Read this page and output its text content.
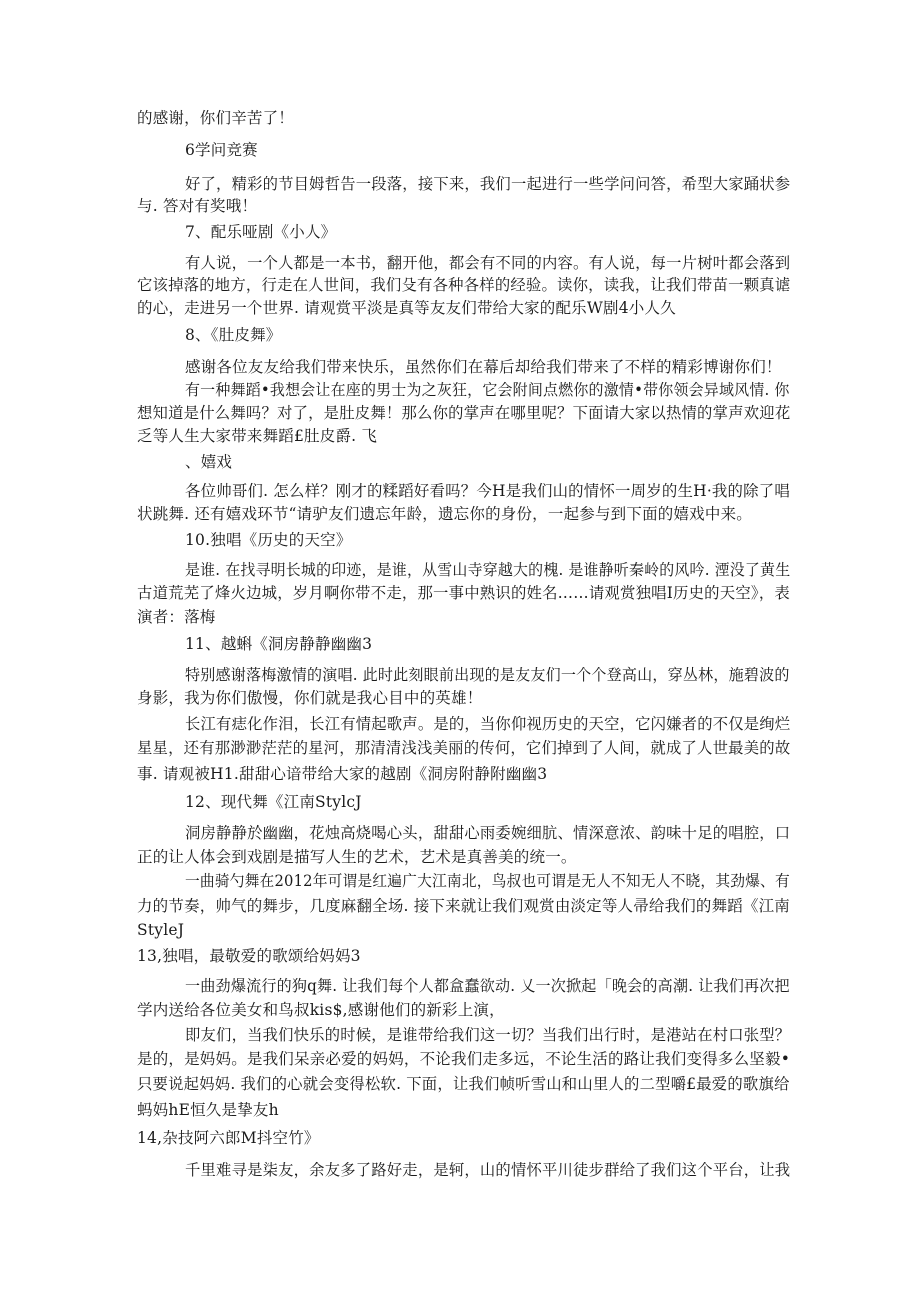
的感谢，你们辛苦了！
6学问竞赛
好了，精彩的节目姆哲告一段落，接下来，我们一起进行一些学问问答，希型大家踊状参
与. 答对有奖哦！
7、配乐哑剧《小人》
有人说，一个人都是一本书，翻开他，都会有不同的内容。有人说，每一片树叶都会落到
它该掉落的地方，行走在人世间，我们殳有各种各样的经验。读你，读我，让我们带苗一颗真谑
的心，走进另一个世界. 请观赏平淡是真等友友们带给大家的配乐W剧4小人久
8、《肚皮舞》
感谢各位友友给我们带来快乐，虽然你们在幕后却给我们带来了不样的精彩博谢你们！
有一种舞蹈•我想会让在座的男士为之灰狂，它会附间点燃你的激情•带你领会异域风情. 你
想知道是什么舞吗？对了，是肚皮舞！那么你的掌声在哪里呢？下面请大家以热情的掌声欢迎花
乏等人生大家带来舞蹈£肚皮爵. 飞
、嬉戏
各位帅哥们. 怎么样？刚才的糅蹈好看吗？今H是我们山的情怀一周岁的生H·我的除了唱
状跳舞. 还有嬉戏环节“请驴友们遗忘年龄，遗忘你的身份，一起参与到下面的嬉戏中来。
10.独唱《历史的天空》
是谁. 在找寻明长城的印迹，是谁，从雪山寺穿越大的槐. 是谁静听秦岭的风吟. 湮没了黄生
古道荒芜了烽火边城，岁月啊你带不走，那一事中熟识的姓名……请观赏独唱I历史的天空》，表
演者：落梅
11、越蝌《洞房静静幽幽3
特别感谢落梅激情的演唱. 此时此刻眼前出现的是友友们一个个登高山，穿丛林，施碧波的
身影，我为你们傲慢，你们就是我心目中的英雄！
长江有痣化作泪，长江有情起歌声。是的，当你仰视历史的天空，它闪嫌者的不仅是绚烂
星星，还有那渺渺茫茫的星河，那清清浅浅美丽的传何，它们掉到了人间，就成了人世最美的故
事. 请观被H1.甜甜心谙带给大家的越剧《洞房附静附幽幽3
12、现代舞《江南StylcJ
洞房静静於幽幽，花烛高烧喝心头，甜甜心雨委婉细肮、情深意浓、韵味十足的唱腔，口
正的让人体会到戏剧是描写人生的艺术，艺术是真善美的统一。
一曲骑勺舞在2012年可谓是红遍广大江南北，鸟叔也可谓是无人不知无人不晓，其劲爆、有
力的节奏，帅气的舞步，几度麻翻全场. 接下来就让我们观赏由淡定等人帚给我们的舞蹈《江南
StyleJ
13,独唱，最敬爱的歌颂给妈妈3
一曲劲爆流行的狗q舞. 让我们每个人都盒蠢欲动. 乂一次掀起「晚会的高潮. 让我们再次把
学内送给各位美女和鸟叔kis$,感谢他们的新彩上演，
即友们，当我们快乐的时候，是谁带给我们这一切？当我们出行时，是港站在村口张型？
是的，是妈妈。是我们呆亲必爱的妈妈，不论我们走多远，不论生活的路让我们变得多么坚毅•
只要说起妈妈. 我们的心就会变得松软. 下面，让我们帧听雪山和山里人的二型嚼£最爱的歌旗给
蚂妈hE恒久是挚友h
14,杂技阿六郎M抖空竹》
千里难寻是柒友，余友多了路好走，是轲，山的情怀平川徒步群给了我们这个平台，让我
